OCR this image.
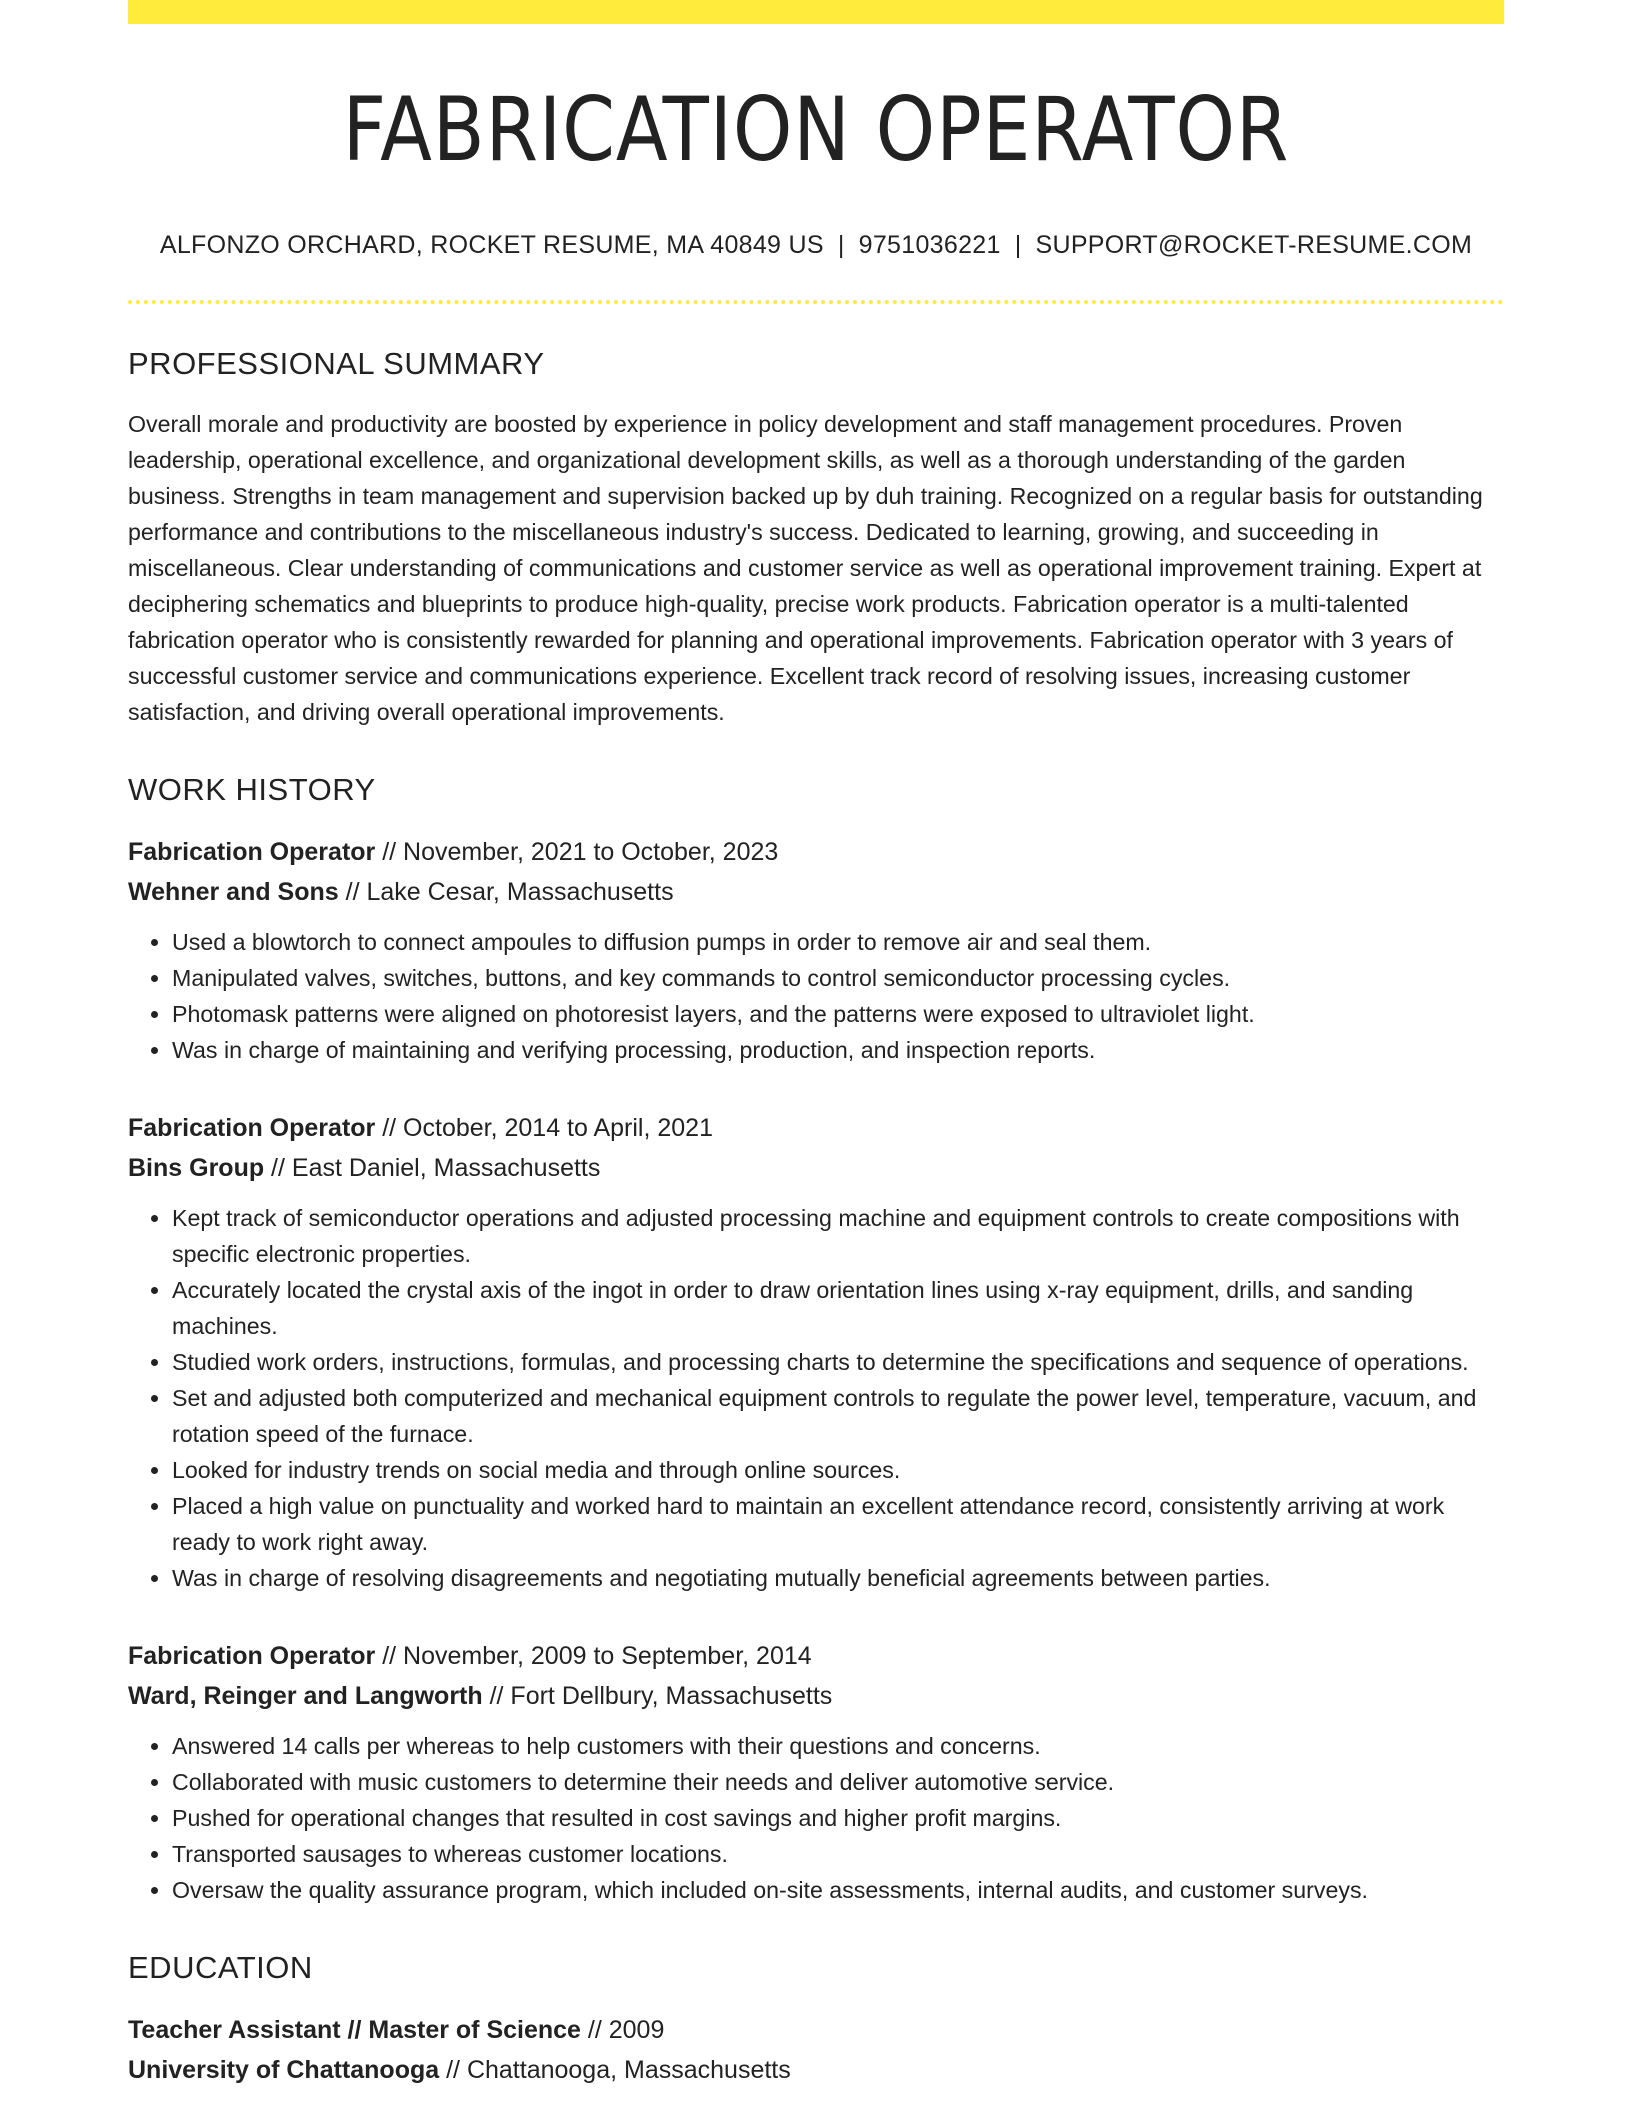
FABRICATION OPERATOR
ALFONZO ORCHARD, ROCKET RESUME, MA 40849 US | 9751036221 | SUPPORT@ROCKET-RESUME.COM
PROFESSIONAL SUMMARY

Overall morale and productivity are boosted by experience in policy development and staff management procedures. Proven leadership, operational excellence, and organizational development skills, as well as a thorough understanding of the garden business. Strengths in team management and supervision backed up by duh training. Recognized on a regular basis for outstanding performance and contributions to the miscellaneous industry's success. Dedicated to learning, growing, and succeeding in miscellaneous. Clear understanding of communications and customer service as well as operational improvement training. Expert at deciphering schematics and blueprints to produce high-quality, precise work products. Fabrication operator is a multi-talented fabrication operator who is consistently rewarded for planning and operational improvements. Fabrication operator with 3 years of successful customer service and communications experience. Excellent track record of resolving issues, increasing customer satisfaction, and driving overall operational improvements.

WORK HISTORY
Fabrication Operator // November, 2021 to October, 2023
Wehner and Sons // Lake Cesar, Massachusetts
• Used a blowtorch to connect ampoules to diffusion pumps in order to remove air and seal them.
• Manipulated valves, switches, buttons, and key commands to control semiconductor processing cycles.
• Photomask patterns were aligned on photoresist layers, and the patterns were exposed to ultraviolet light.
• Was in charge of maintaining and verifying processing, production, and inspection reports.
Fabrication Operator // October, 2014 to April, 2021
Bins Group // East Daniel, Massachusetts
• Kept track of semiconductor operations and adjusted processing machine and equipment controls to create compositions with specific electronic properties.
• Accurately located the crystal axis of the ingot in order to draw orientation lines using x-ray equipment, drills, and sanding machines.
• Studied work orders, instructions, formulas, and processing charts to determine the specifications and sequence of operations.
• Set and adjusted both computerized and mechanical equipment controls to regulate the power level, temperature, vacuum, and rotation speed of the furnace.
• Looked for industry trends on social media and through online sources.
• Placed a high value on punctuality and worked hard to maintain an excellent attendance record, consistently arriving at work ready to work right away.
• Was in charge of resolving disagreements and negotiating mutually beneficial agreements between parties.
Fabrication Operator // November, 2009 to September, 2014
Ward, Reinger and Langworth // Fort Dellbury, Massachusetts
• Answered 14 calls per whereas to help customers with their questions and concerns.
• Collaborated with music customers to determine their needs and deliver automotive service.
• Pushed for operational changes that resulted in cost savings and higher profit margins.
• Transported sausages to whereas customer locations.
• Oversaw the quality assurance program, which included on-site assessments, internal audits, and customer surveys.
EDUCATION
Teacher Assistant // Master of Science // 2009
University of Chattanooga // Chattanooga, Massachusetts
